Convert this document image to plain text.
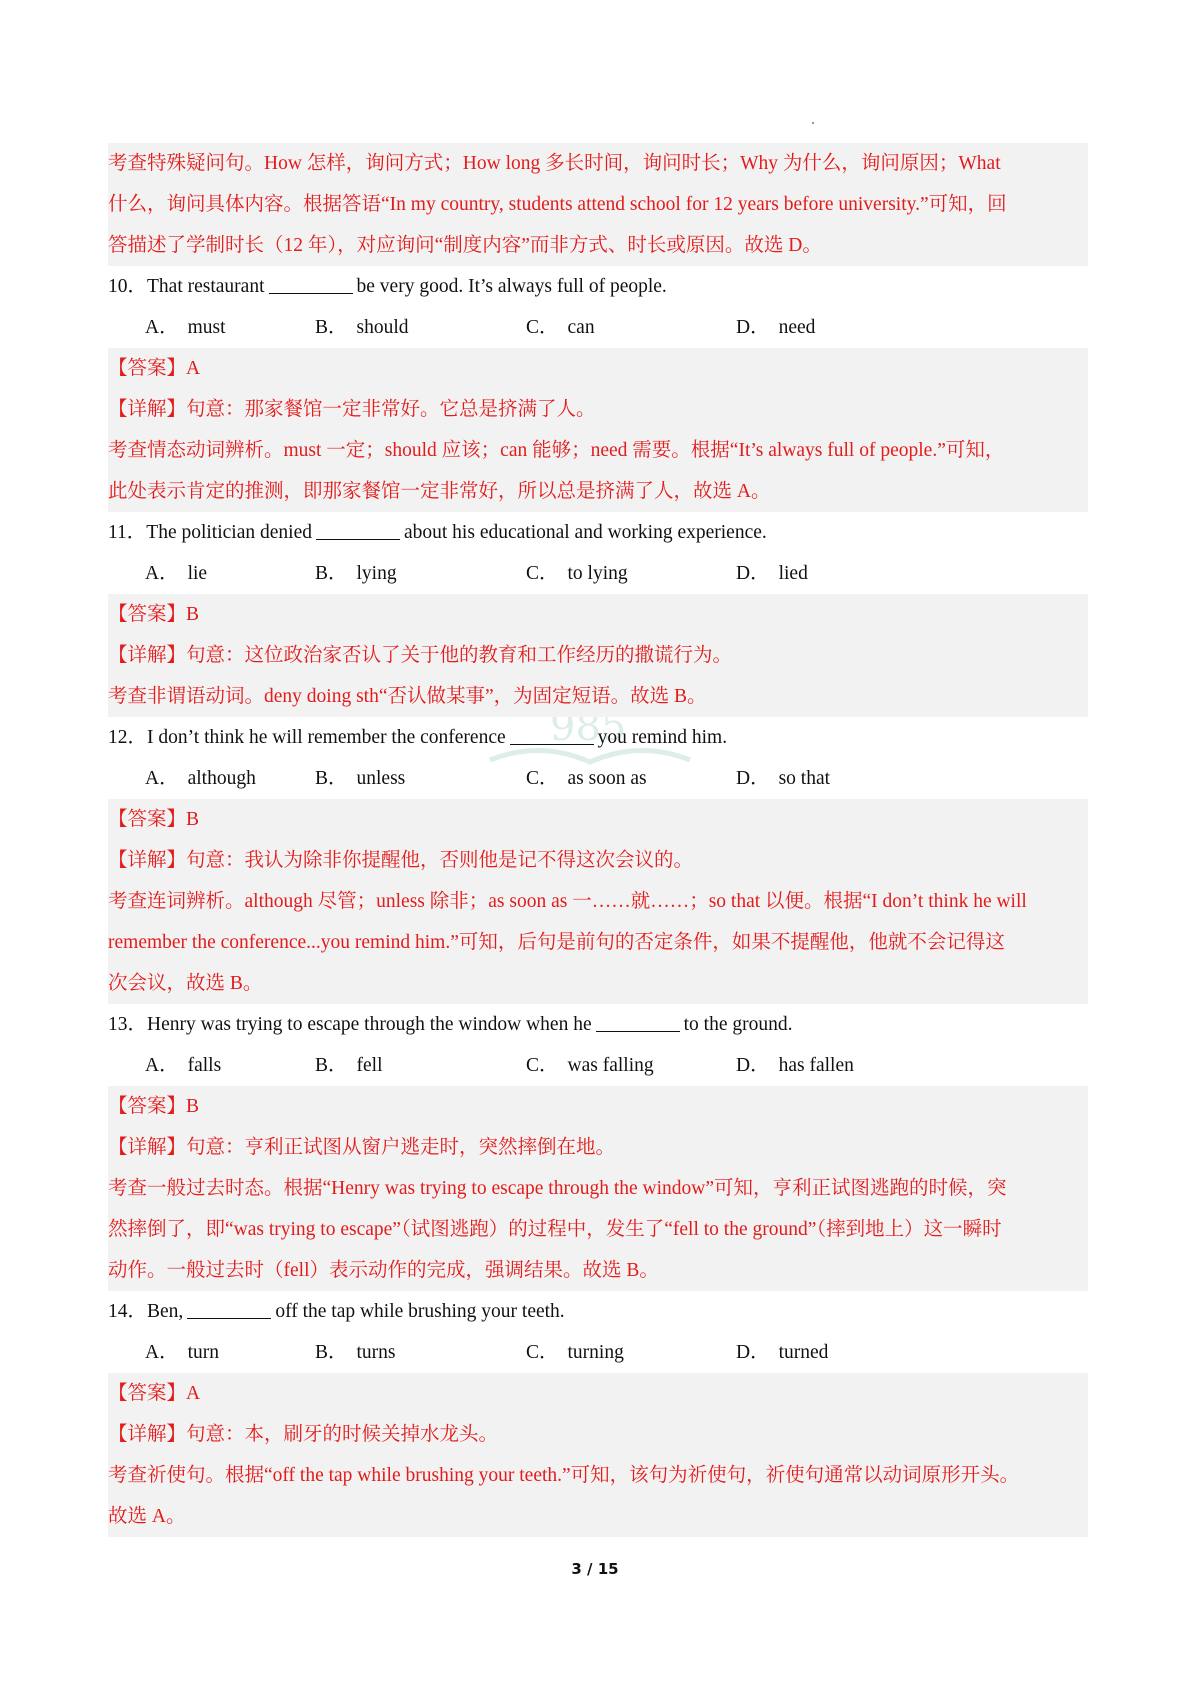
985
考查特殊疑问句。How 怎样，询问方式；How long 多长时间，询问时长；Why 为什么，询问原因；What
什么，询问具体内容。根据答语“In my country, students attend school for 12 years before university.”可知，回
答描述了学制时长（12 年），对应询问“制度内容”而非方式、时长或原因。故选 D。
10．That restaurant	be very good. It’s always full of people.
A． must	B． should	C． can	D． need
【答案】A
【详解】句意：那家餐馆一定非常好。它总是挤满了人。
考查情态动词辨析。must 一定；should 应该；can 能够；need 需要。根据“It’s always full of people.”可知，
此处表示肯定的推测，即那家餐馆一定非常好，所以总是挤满了人，故选 A。
11．The politician denied	about his educational and working experience.
A． lie	B． lying	C． to lying	D． lied
【答案】B
【详解】句意：这位政治家否认了关于他的教育和工作经历的撒谎行为。
考查非谓语动词。deny doing sth“否认做某事”，为固定短语。故选 B。
12．I don’t think he will remember the conference	you remind him.
A． although	B． unless	C． as soon as	D． so that
【答案】B
【详解】句意：我认为除非你提醒他，否则他是记不得这次会议的。
考查连词辨析。although 尽管；unless 除非；as soon as 一……就……；so that 以便。根据“I don’t think he will
remember the conference...you remind him.”可知，后句是前句的否定条件，如果不提醒他，他就不会记得这
次会议，故选 B。
13．Henry was trying to escape through the window when he	to the ground.
A． falls	B． fell	C． was falling	D． has fallen
【答案】B
【详解】句意：亨利正试图从窗户逃走时，突然摔倒在地。
考查一般过去时态。根据“Henry was trying to escape through the window”可知，亨利正试图逃跑的时候，突
然摔倒了，即“was trying to escape”（试图逃跑）的过程中，发生了“fell to the ground”（摔到地上）这一瞬时
动作。一般过去时（fell）表示动作的完成，强调结果。故选 B。
14．Ben,	off the tap while brushing your teeth.
A． turn	B． turns	C． turning	D． turned
【答案】A
【详解】句意：本，刷牙的时候关掉水龙头。
考查祈使句。根据“off the tap while brushing your teeth.”可知，该句为祈使句，祈使句通常以动词原形开头。
故选 A。
3 / 15
